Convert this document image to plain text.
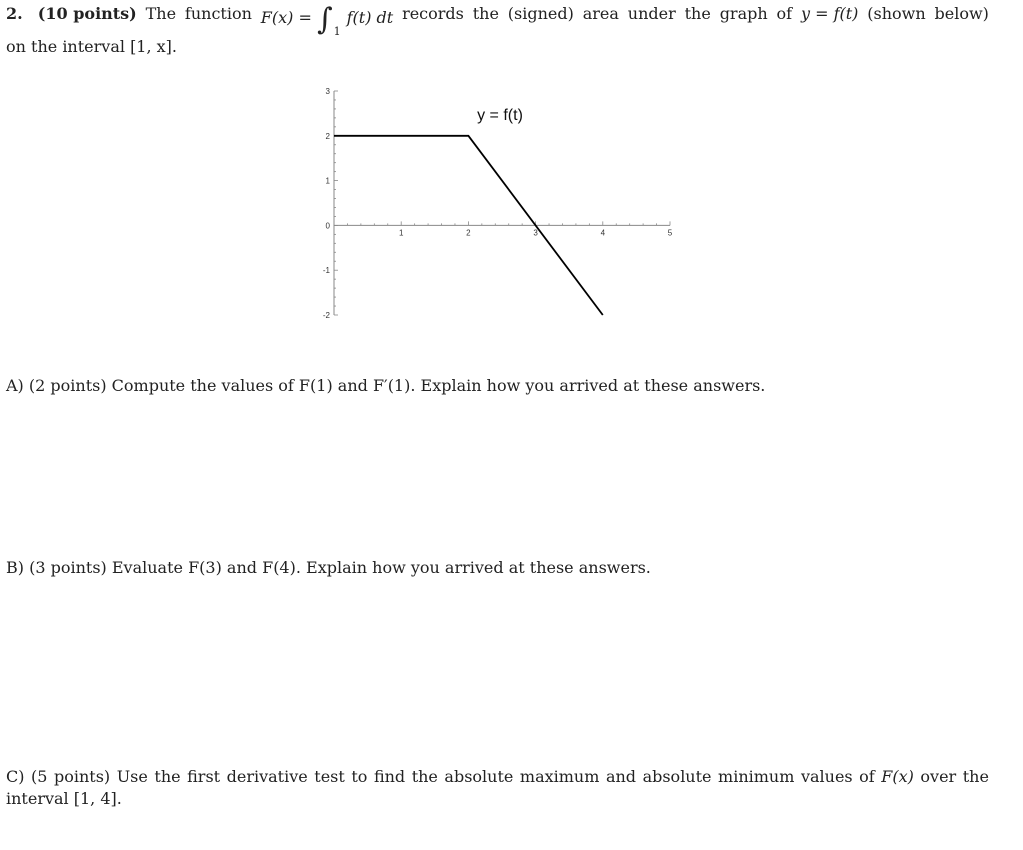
2. (10 points) The function $F(x) = \int_1f(t)$ dt records the (signed) area under the graph of y = f(t) (shown below)
on the interval [1, x].
1	2	3	4	5
-2
-1
0
1
2
3
y = f(t)
A) (2 points) Compute the values of F(1) and F′(1). Explain how you arrived at these answers.
B) (3 points) Evaluate F(3) and F(4). Explain how you arrived at these answers.
C) (5 points) Use the first derivative test to find the absolute maximum and absolute minimum values of F(x) over the
interval [1, 4].
